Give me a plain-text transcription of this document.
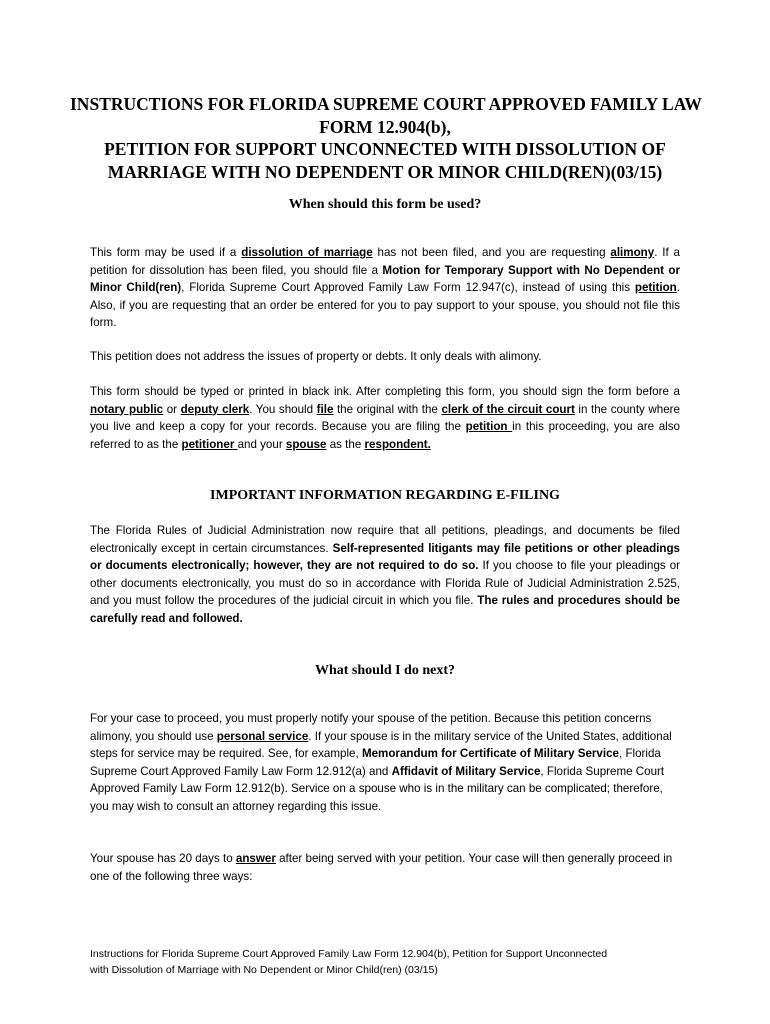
INSTRUCTIONS FOR FLORIDA SUPREME COURT APPROVED FAMILY LAW
FORM 12.904(b),
PETITION FOR SUPPORT UNCONNECTED WITH DISSOLUTION OF
MARRIAGE WITH NO DEPENDENT OR MINOR CHILD(REN)(03/15)
When should this form be used?
This form may be used if a dissolution of marriage has not been filed, and you are requesting alimony. If a petition for dissolution has been filed, you should file a Motion for Temporary Support with No Dependent or Minor Child(ren), Florida Supreme Court Approved Family Law Form 12.947(c), instead of using this petition. Also, if you are requesting that an order be entered for you to pay support to your spouse, you should not file this form.
This petition does not address the issues of property or debts. It only deals with alimony.
This form should be typed or printed in black ink. After completing this form, you should sign the form before a notary public or deputy clerk. You should file the original with the clerk of the circuit court in the county where you live and keep a copy for your records. Because you are filing the petition in this proceeding, you are also referred to as the petitioner and your spouse as the respondent.
IMPORTANT INFORMATION REGARDING E-FILING
The Florida Rules of Judicial Administration now require that all petitions, pleadings, and documents be filed electronically except in certain circumstances. Self-represented litigants may file petitions or other pleadings or documents electronically; however, they are not required to do so. If you choose to file your pleadings or other documents electronically, you must do so in accordance with Florida Rule of Judicial Administration 2.525, and you must follow the procedures of the judicial circuit in which you file. The rules and procedures should be carefully read and followed.
What should I do next?
For your case to proceed, you must properly notify your spouse of the petition. Because this petition concerns alimony, you should use personal service. If your spouse is in the military service of the United States, additional steps for service may be required. See, for example, Memorandum for Certificate of Military Service, Florida Supreme Court Approved Family Law Form 12.912(a) and Affidavit of Military Service, Florida Supreme Court Approved Family Law Form 12.912(b). Service on a spouse who is in the military can be complicated; therefore, you may wish to consult an attorney regarding this issue.
Your spouse has 20 days to answer after being served with your petition. Your case will then generally proceed in one of the following three ways:
Instructions for Florida Supreme Court Approved Family Law Form 12.904(b), Petition for Support Unconnected
with Dissolution of Marriage with No Dependent or Minor Child(ren) (03/15)
